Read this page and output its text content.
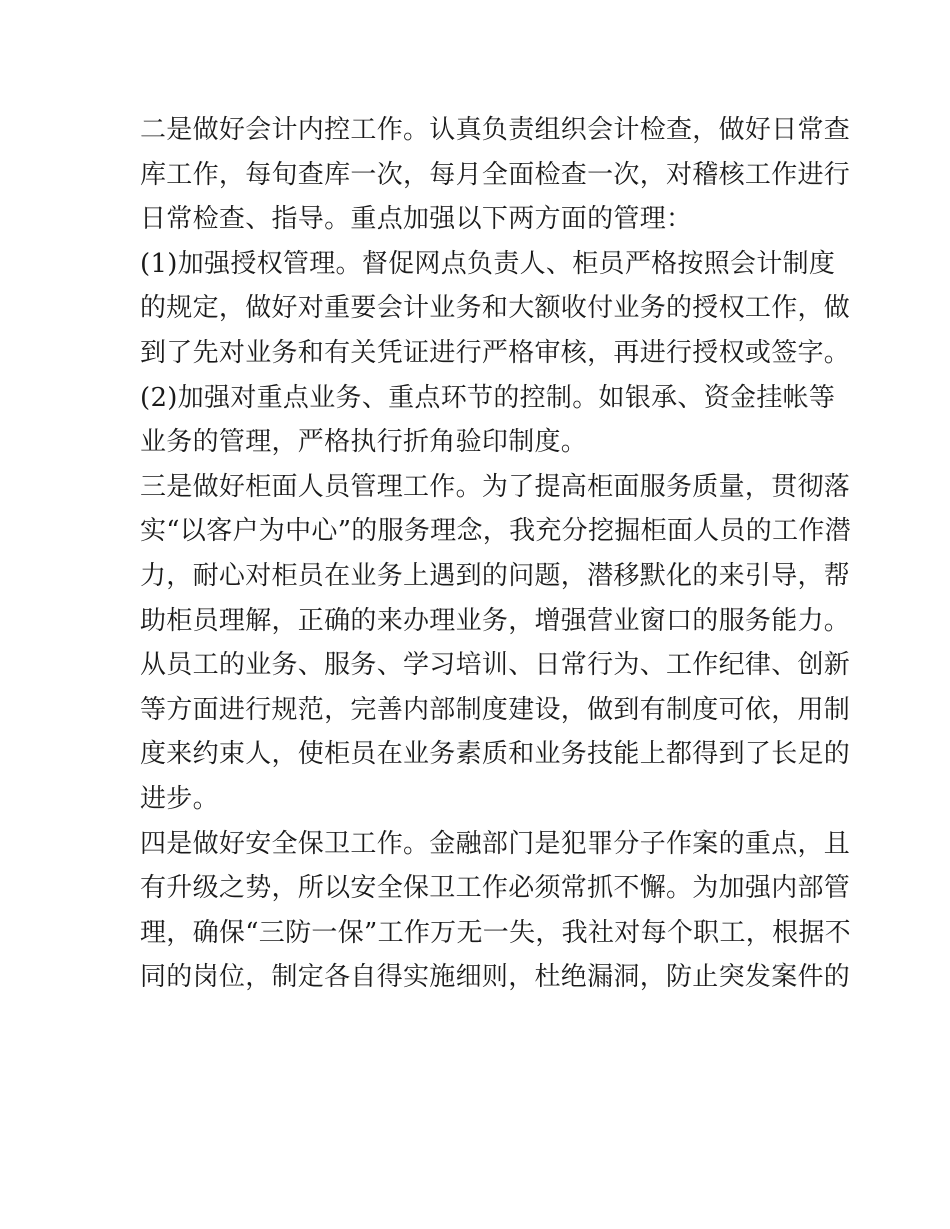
二是做好会计内控工作。认真负责组织会计检查，做好日常查
库工作，每旬查库一次，每月全面检查一次，对稽核工作进行
日常检查、指导。重点加强以下两方面的管理：
(1)加强授权管理。督促网点负责人、柜员严格按照会计制度
的规定，做好对重要会计业务和大额收付业务的授权工作，做
到了先对业务和有关凭证进行严格审核，再进行授权或签字。
(2)加强对重点业务、重点环节的控制。如银承、资金挂帐等
业务的管理，严格执行折角验印制度。
三是做好柜面人员管理工作。为了提高柜面服务质量，贯彻落
实“以客户为中心”的服务理念，我充分挖掘柜面人员的工作潜
力，耐心对柜员在业务上遇到的问题，潜移默化的来引导，帮
助柜员理解，正确的来办理业务，增强营业窗口的服务能力。
从员工的业务、服务、学习培训、日常行为、工作纪律、创新
等方面进行规范，完善内部制度建设，做到有制度可依，用制
度来约束人，使柜员在业务素质和业务技能上都得到了长足的
进步。
四是做好安全保卫工作。金融部门是犯罪分子作案的重点，且
有升级之势，所以安全保卫工作必须常抓不懈。为加强内部管
理，确保“三防一保”工作万无一失，我社对每个职工，根据不
同的岗位，制定各自得实施细则，杜绝漏洞，防止突发案件的
